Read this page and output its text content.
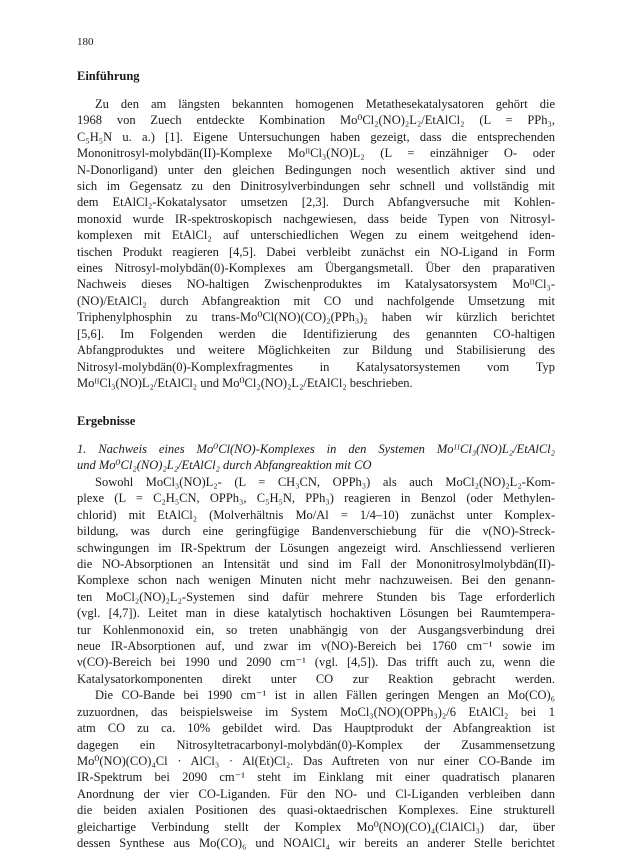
180
Einführung
Zu den am längsten bekannten homogenen Metathesekatalysatoren gehört die
1968 von Zuech entdeckte Kombination Mo⁰Cl₂(NO)₂L₂/EtAlCl₂ (L = PPh₃,
C₅H₅N u. a.) [1]. Eigene Untersuchungen haben gezeigt, dass die entsprechenden
Mononitrosyl-molybdän(II)-Komplexe MoᴵᴵCl₃(NO)L₂ (L = einzähniger O- oder
N-Donorligand) unter den gleichen Bedingungen noch wesentlich aktiver sind und
sich im Gegensatz zu den Dinitrosylverbindungen sehr schnell und vollständig mit
dem EtAlCl₂-Kokatalysator umsetzen [2,3]. Durch Abfangversuche mit Kohlen-
monoxid wurde IR-spektroskopisch nachgewiesen, dass beide Typen von Nitrosyl-
komplexen mit EtAlCl₂ auf unterschiedlichen Wegen zu einem weitgehend iden-
tischen Produkt reagieren [4,5]. Dabei verbleibt zunächst ein NO-Ligand in Form
eines Nitrosyl-molybdän(0)-Komplexes am Übergangsmetall. Über den praparativen
Nachweis dieses NO-haltigen Zwischenproduktes im Katalysatorsystem MoᴵᴵCl₃-
(NO)/EtAlCl₂ durch Abfangreaktion mit CO und nachfolgende Umsetzung mit
Triphenylphosphin zu trans-Mo⁰Cl(NO)(CO)₂(PPh₃)₂ haben wir kürzlich berichtet
[5,6]. Im Folgenden werden die Identifizierung des genannten CO-haltigen
Abfangproduktes und weitere Möglichkeiten zur Bildung und Stabilisierung des
Nitrosyl-molybdän(0)-Komplexfragmentes in Katalysatorsystemen vom Typ
MoᴵᴵCl₃(NO)L₂/EtAlCl₂ und Mo⁰Cl₂(NO)₂L₂/EtAlCl₂ beschrieben.
Ergebnisse
1. Nachweis eines Mo⁰Cl(NO)-Komplexes in den Systemen MoᴵᴵCl₃(NO)L₂/EtAlCl₂
und Mo⁰Cl₂(NO)₂L₂/EtAlCl₂ durch Abfangreaktion mit CO
Sowohl MoCl₃(NO)L₂- (L = CH₃CN, OPPh₃) als auch MoCl₂(NO)₂L₂-Kom-
plexe (L = C₂H₅CN, OPPh₃, C₅H₅N, PPh₃) reagieren in Benzol (oder Methylen-
chlorid) mit EtAlCl₂ (Molverhältnis Mo/Al = 1/4–10) zunächst unter Komplex-
bildung, was durch eine geringfügige Bandenverschiebung für die ν(NO)-Streck-
schwingungen im IR-Spektrum der Lösungen angezeigt wird. Anschliessend verlieren
die NO-Absorptionen an Intensität und sind im Fall der Mononitrosylmolybdän(II)-
Komplexe schon nach wenigen Minuten nicht mehr nachzuweisen. Bei den genann-
ten MoCl₂(NO)₂L₂-Systemen sind dafür mehrere Stunden bis Tage erforderlich
(vgl. [4,7]). Leitet man in diese katalytisch hochaktiven Lösungen bei Raumtempera-
tur Kohlenmonoxid ein, so treten unabhängig von der Ausgangsverbindung drei
neue IR-Absorptionen auf, und zwar im ν(NO)-Bereich bei 1760 cm⁻¹ sowie im
ν(CO)-Bereich bei 1990 und 2090 cm⁻¹ (vgl. [4,5]). Das trifft auch zu, wenn die
Katalysatorkomponenten direkt unter CO zur Reaktion gebracht werden.
Die CO-Bande bei 1990 cm⁻¹ ist in allen Fällen geringen Mengen an Mo(CO)₆
zuzuordnen, das beispielsweise im System MoCl₃(NO)(OPPh₃)₂/6 EtAlCl₂ bei 1
atm CO zu ca. 10% gebildet wird. Das Hauptprodukt der Abfangreaktion ist
dagegen ein Nitrosyltetracarbonyl-molybdän(0)-Komplex der Zusammensetzung
Mo⁰(NO)(CO)₄Cl · AlCl₃ · Al(Et)Cl₂. Das Auftreten von nur einer CO-Bande im
IR-Spektrum bei 2090 cm⁻¹ steht im Einklang mit einer quadratisch planaren
Anordnung der vier CO-Liganden. Für den NO- und Cl-Liganden verbleiben dann
die beiden axialen Positionen des quasi-oktaedrischen Komplexes. Eine strukturell
gleichartige Verbindung stellt der Komplex Mo⁰(NO)(CO)₄(ClAlCl₃) dar, über
dessen Synthese aus Mo(CO)₆ und NOAlCl₄ wir bereits an anderer Stelle berichtet
